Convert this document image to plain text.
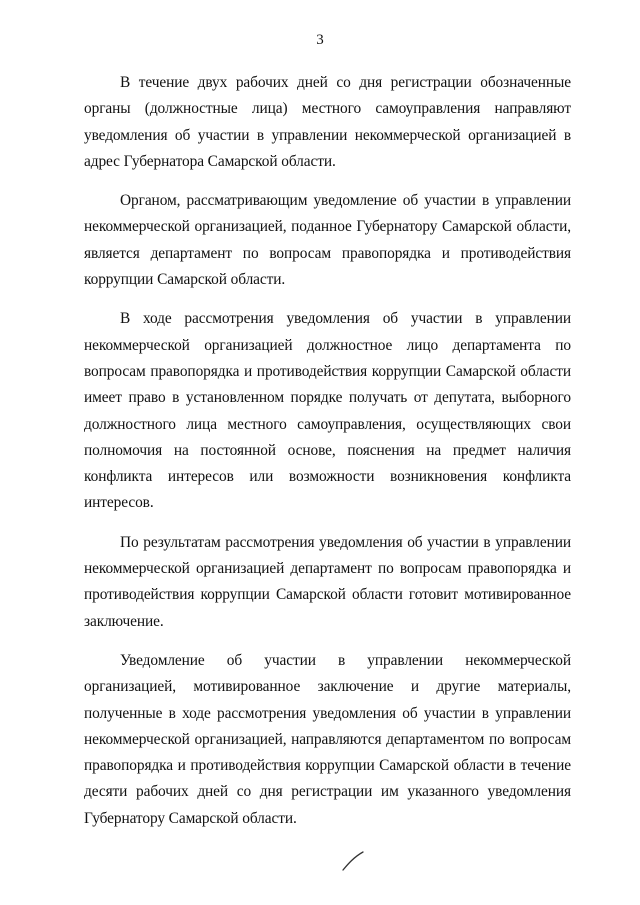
3

В течение двух рабочих дней со дня регистрации обозначенные органы (должностные лица) местного самоуправления направляют уведомления об участии в управлении некоммерческой организацией в адрес Губернатора Самарской области.

Органом, рассматривающим уведомление об участии в управлении некоммерческой организацией, поданное Губернатору Самарской области, является департамент по вопросам правопорядка и противодействия коррупции Самарской области.

В ходе рассмотрения уведомления об участии в управлении некоммерческой организацией должностное лицо департамента по вопросам правопорядка и противодействия коррупции Самарской области имеет право в установленном порядке получать от депутата, выборного должностного лица местного самоуправления, осуществляющих свои полномочия на постоянной основе, пояснения на предмет наличия конфликта интересов или возможности возникновения конфликта интересов.

По результатам рассмотрения уведомления об участии в управлении некоммерческой организацией департамент по вопросам правопорядка и противодействия коррупции Самарской области готовит мотивированное заключение.

Уведомление об участии в управлении некоммерческой организацией, мотивированное заключение и другие материалы, полученные в ходе рассмотрения уведомления об участии в управлении некоммерческой организацией, направляются департаментом по вопросам правопорядка и противодействия коррупции Самарской области в течение десяти рабочих дней со дня регистрации им указанного уведомления Губернатору Самарской области.
